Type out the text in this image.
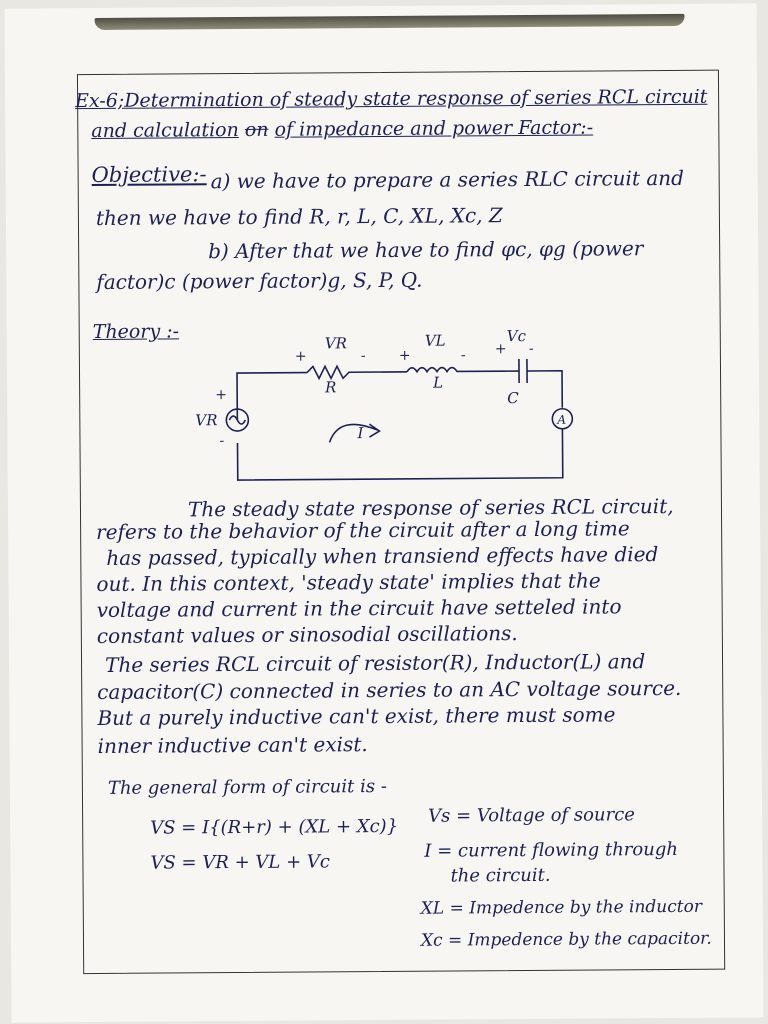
Ex-6;Determination of steady state response of series RCL circuit
and calculation on of impedance and power Factor:-
Objective:- a) we have to prepare a series RLC circuit and
then we have to find R, r, L, C, XL, Xc, Z
b) After that we have to find φc, φg (power
factor)c (power factor)g, S, P, Q.
Theory :-
VR	VL	Vc
+	- +	- + -
R	L
C
VR
+
-	I
A
The steady state response of series RCL circuit,
refers to the behavior of the circuit after a long time
has passed, typically when transiend effects have died
out. In this context, 'steady state' implies that the
voltage and current in the circuit have setteled into
constant values or sinosodial oscillations.
The series RCL circuit of resistor(R), Inductor(L) and
capacitor(C) connected in series to an AC voltage source.
But a purely inductive can't exist, there must some
inner inductive can't exist.
The general form of circuit is -
VS = I{(R+r) + (XL + Xc)}
VS = VR + VL + Vc
Vs = Voltage of source
I = current flowing through
the circuit.
XL = Impedence by the inductor
Xc = Impedence by the capacitor.
